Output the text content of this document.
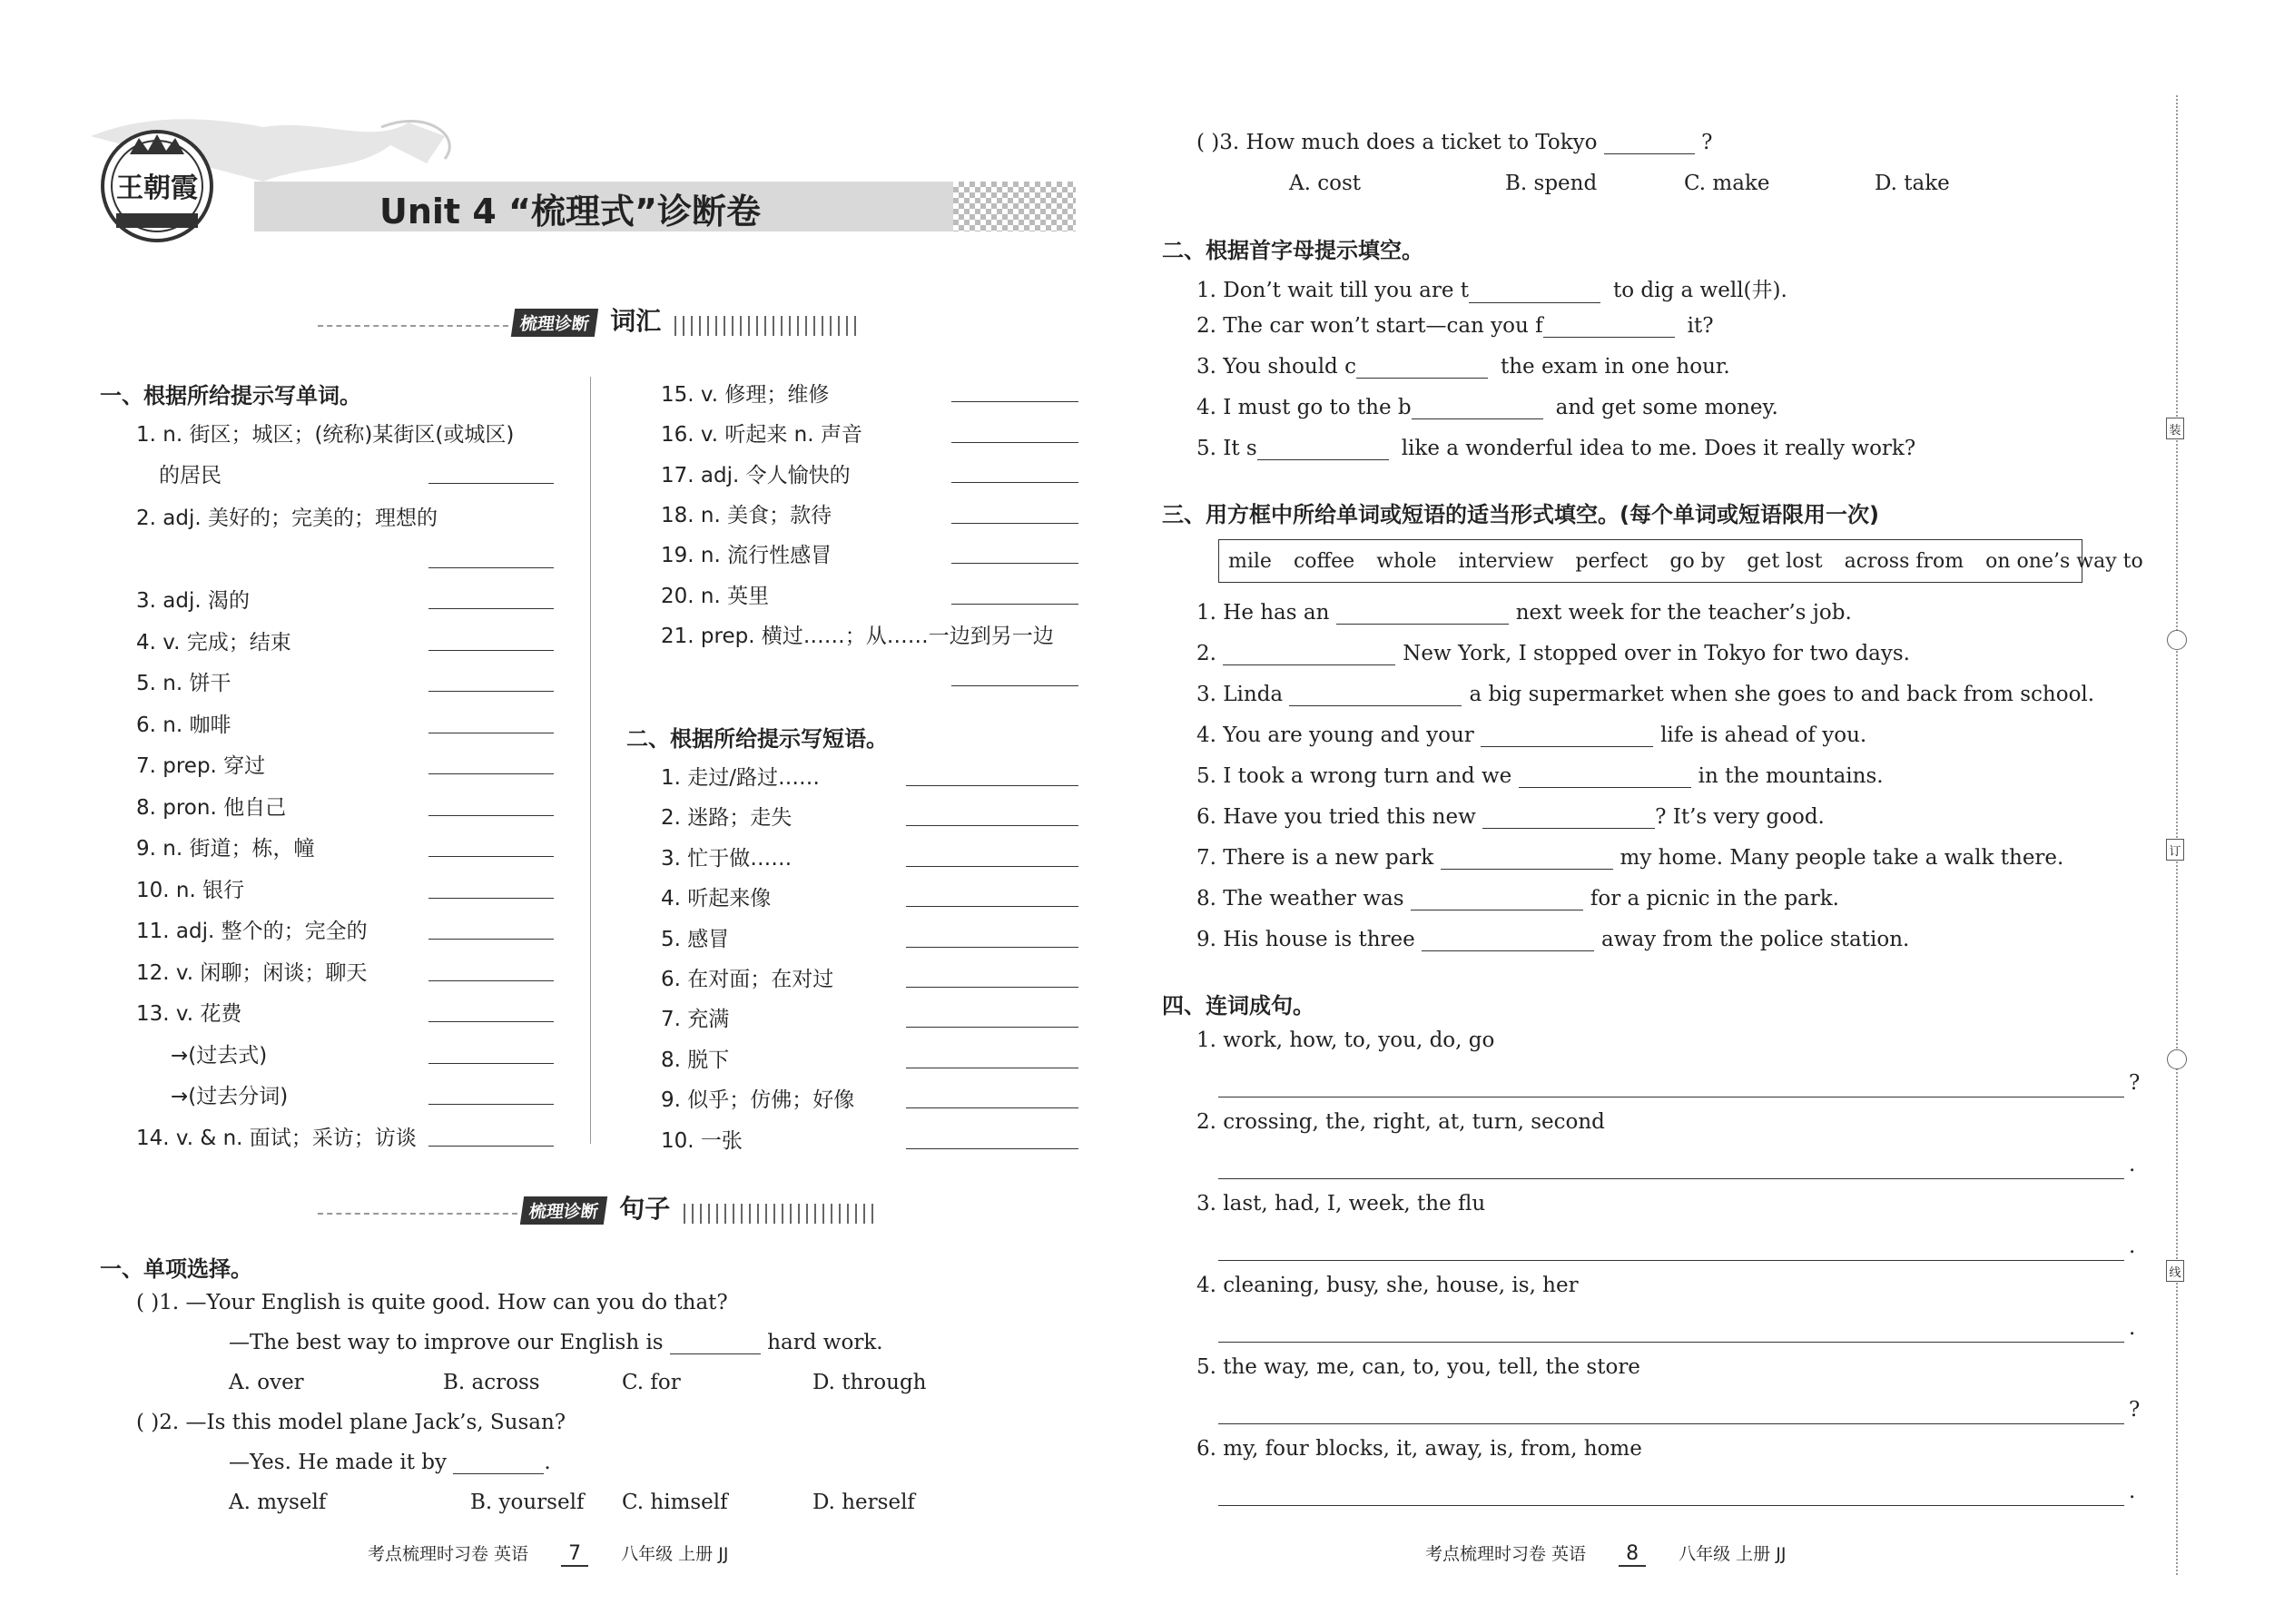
王朝霞
Unit 4 “梳理式”诊断卷
梳理诊断 词汇
一、根据所给提示写单词。
1. n. 街区；城区；(统称)某街区(或城区)
的居民
2. adj. 美好的；完美的；理想的
3. adj. 渴的
4. v. 完成；结束
5. n. 饼干
6. n. 咖啡
7. prep. 穿过
8. pron. 他自己
9. n. 街道；栋，幢
10. n. 银行
11. adj. 整个的；完全的
12. v. 闲聊；闲谈；聊天
13. v. 花费
→(过去式)
→(过去分词)
14. v. & n. 面试；采访；访谈
15. v. 修理；维修
16. v. 听起来 n. 声音
17. adj. 令人愉快的
18. n. 美食；款待
19. n. 流行性感冒
20. n. 英里
21. prep. 横过……；从……一边到另一边
二、根据所给提示写短语。
1. 走过/路过……
2. 迷路；走失
3. 忙于做……
4. 听起来像
5. 感冒
6. 在对面；在对过
7. 充满
8. 脱下
9. 似乎；仿佛；好像
10. 一张
梳理诊断 句子
一、单项选择。
( )1. —Your English is quite good. How can you do that?
—The best way to improve our English is	hard work.
A. over	B. across	C. for	D. through
( )2. —Is this model plane Jack’s, Susan?
—Yes. He made it by	.
A. myself	B. yourself C. himself	D. herself
考点梳理时习卷 英语 7 八年级 上册 JJ
( )3. How much does a ticket to Tokyo	?
A. cost	B. spend	C. make	D. take
二、根据首字母提示填空。
1. Don’t wait till you are t	to dig a well(井).
2. The car won’t start—can you f	it?
3. You should c	the exam in one hour.
4. I must go to the b	and get some money.
5. It s	like a wonderful idea to me. Does it really work?
三、用方框中所给单词或短语的适当形式填空。(每个单词或短语限用一次)
mile coffee whole interview perfect go by get lost across from on one’s way to
1. He has an	next week for the teacher’s job.
2.	New York, I stopped over in Tokyo for two days.
3. Linda	a big supermarket when she goes to and back from school.
4. You are young and your	life is ahead of you.
5. I took a wrong turn and we	in the mountains.
6. Have you tried this new	? It’s very good.
7. There is a new park	my home. Many people take a walk there.
8. The weather was	for a picnic in the park.
9. His house is three	away from the police station.
四、连词成句。
1. work, how, to, you, do, go
?
2. crossing, the, right, at, turn, second
.
3. last, had, I, week, the flu
.
4. cleaning, busy, she, house, is, her
.
5. the way, me, can, to, you, tell, the store
?
6. my, four blocks, it, away, is, from, home
.
考点梳理时习卷 英语 8 八年级 上册 JJ
装
订
线
